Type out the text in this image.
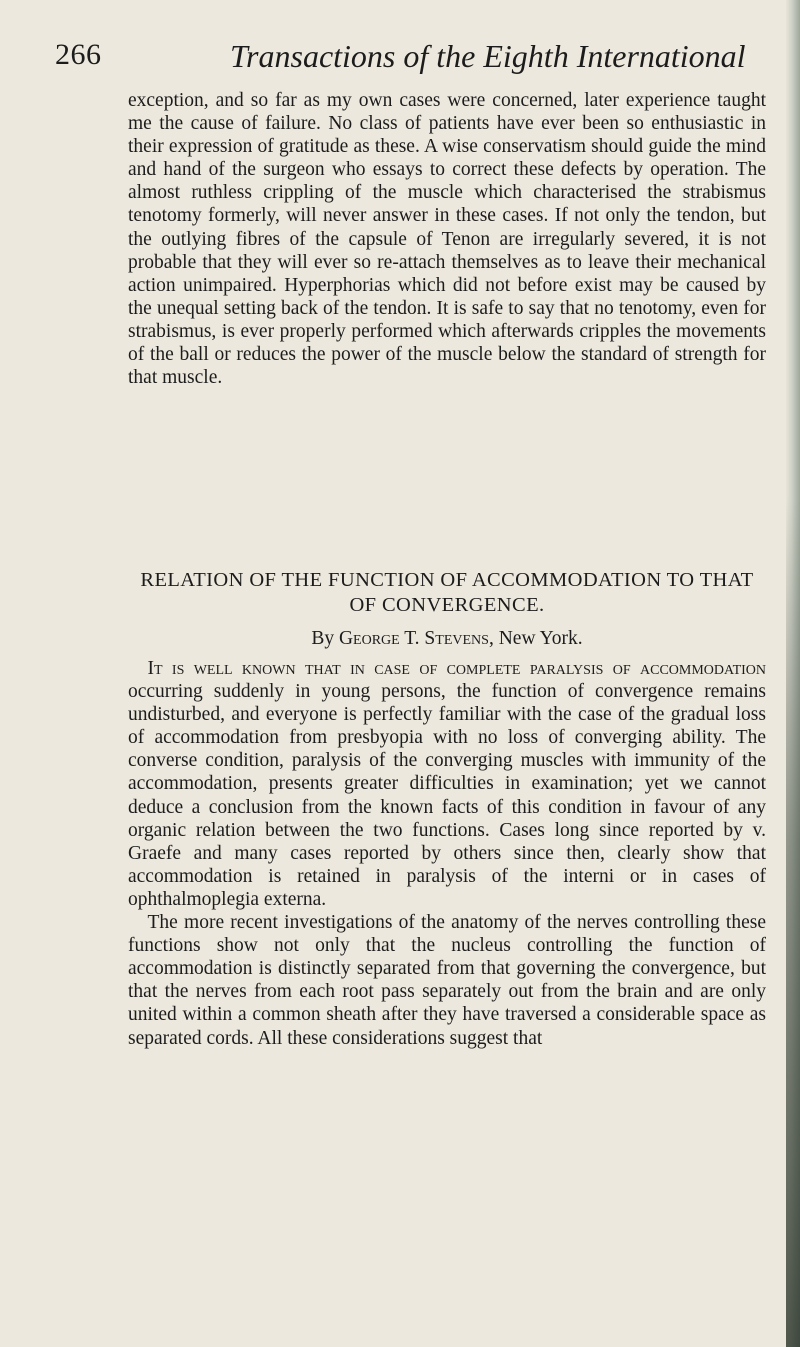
266	Transactions of the Eighth International

exception, and so far as my own cases were concerned, later experience taught me the cause of failure. No class of patients have ever been so enthusiastic in their expression of gratitude as these. A wise conservatism should guide the mind and hand of the surgeon who essays to correct these defects by operation. The almost ruthless crippling of the muscle which characterised the strabismus tenotomy formerly, will never answer in these cases. If not only the tendon, but the outlying fibres of the capsule of Tenon are irregularly severed, it is not probable that they will ever so re-attach themselves as to leave their mechanical action unimpaired. Hyperphorias which did not before exist may be caused by the unequal setting back of the tendon. It is safe to say that no tenotomy, even for strabismus, is ever properly performed which afterwards cripples the movements of the ball or reduces the power of the muscle below the standard of strength for that muscle.

RELATION OF THE FUNCTION OF ACCOMMODATION TO THAT OF CONVERGENCE.

By George T. Stevens, New York.

It is well known that in case of complete paralysis of accommodation occurring suddenly in young persons, the function of convergence remains undisturbed, and everyone is perfectly familiar with the case of the gradual loss of accommodation from presbyopia with no loss of converging ability. The converse condition, paralysis of the converging muscles with immunity of the accommodation, presents greater difficulties in examination; yet we cannot deduce a conclusion from the known facts of this condition in favour of any organic relation between the two functions. Cases long since reported by v. Graefe and many cases reported by others since then, clearly show that accommodation is retained in paralysis of the interni or in cases of ophthalmoplegia externa.

The more recent investigations of the anatomy of the nerves controlling these functions show not only that the nucleus controlling the function of accommodation is distinctly separated from that governing the convergence, but that the nerves from each root pass separately out from the brain and are only united within a common sheath after they have traversed a considerable space as separated cords. All these considerations suggest that
